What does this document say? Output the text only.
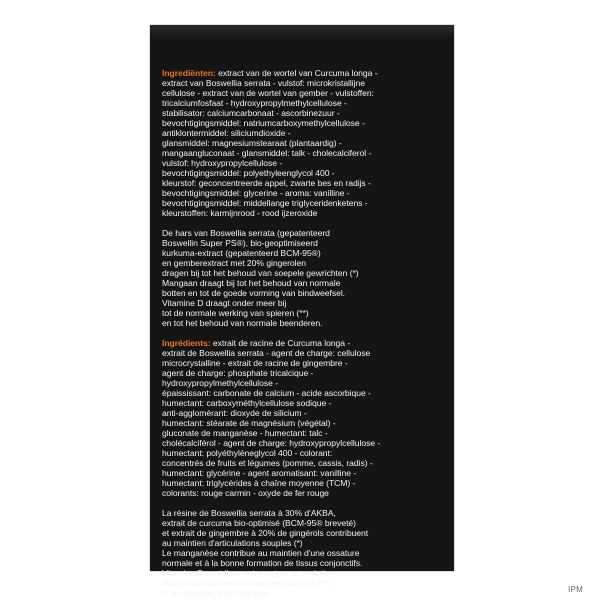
Ingrediënten: extract van de wortel van Curcuma longa -
extract van Boswellia serrata - vulstof: microkristallijne
cellulose - extract van de wortel van gember - vulstoffen:
tricalciumfosfaat - hydroxypropylmethylcellulose -
stabilisator: calciumcarbonaat - ascorbinezuur -
bevochtigingsmiddel: natriumcarboxymethylcellulose -
antiklontermiddel: siliciumdioxide -
glansmiddel: magnesiumstearaat (plantaardig) -
mangaangluconaat - glansmiddel: talk - cholecalciferol -
vulstof: hydroxypropylcellulose -
bevochtigingsmiddel: polyethyleenglycol 400 -
kleurstof: geconcentreerde appel, zwarte bes en radijs -
bevochtigingsmiddel: glycerine - aroma: vanilline -
bevochtigingsmiddel: middellange triglyceridenketens -
kleurstoffen: karmijnrood - rood ijzeroxide
De hars van Boswellia serrata (gepatenteerd
Boswellin Super PS®), bio-geoptimiseerd
kurkuma-extract (gepatenteerd BCM-95®)
en gemberextract met 20% gingerolen
dragen bij tot het behoud van soepele gewrichten (*)
Mangaan draagt bij tot het behoud van normale
botten en tot de goede vorming van bindweefsel.
Vitamine D draagt onder meer bij
tot de normale werking van spieren (**)
en tot het behoud van normale beenderen.
Ingrédients: extrait de racine de Curcuma longa -
extrait de Boswellia serrata - agent de charge: cellulose
microcrystalline - extrait de racine de gingembre -
agent de charge: phosphate tricalcique -
hydroxypropylmethylcellulose -
épaississant: carbonate de calcium - acide ascorbique -
humectant: carboxyméthylcellulose sodique -
anti-agglomérant: dioxyde de silicium -
humectant: stéarate de magnésium (végétal) -
gluconate de manganèse - humectant: talc -
cholécalciférol - agent de charge: hydroxypropylcellulose -
humectant: polyéthylèneglycol 400 - colorant:
concentrés de fruits et légumes (pomme, cassis, radis) -
humectant: glycérine - agent aromatisant: vanilline -
humectant: triglycérides à chaîne moyenne (TCM) -
colorants: rouge carmin - oxyde de fer rouge
La résine de Boswellia serrata à 30% d'AKBA,
extrait de curcuma bio-optimisé (BCM-95® breveté)
et extrait de gingembre à 20% de gingérols contribuent
au maintien d'articulations souples (*)
Le manganèse contribue au maintien d'une ossature
normale et à la bonne formation de tissus conjonctifs.
Vitamine D contribue entre autres au maintien
d'un fonctionnement normal des muscles (**)
et au maintien d'os normaux.	IPM
